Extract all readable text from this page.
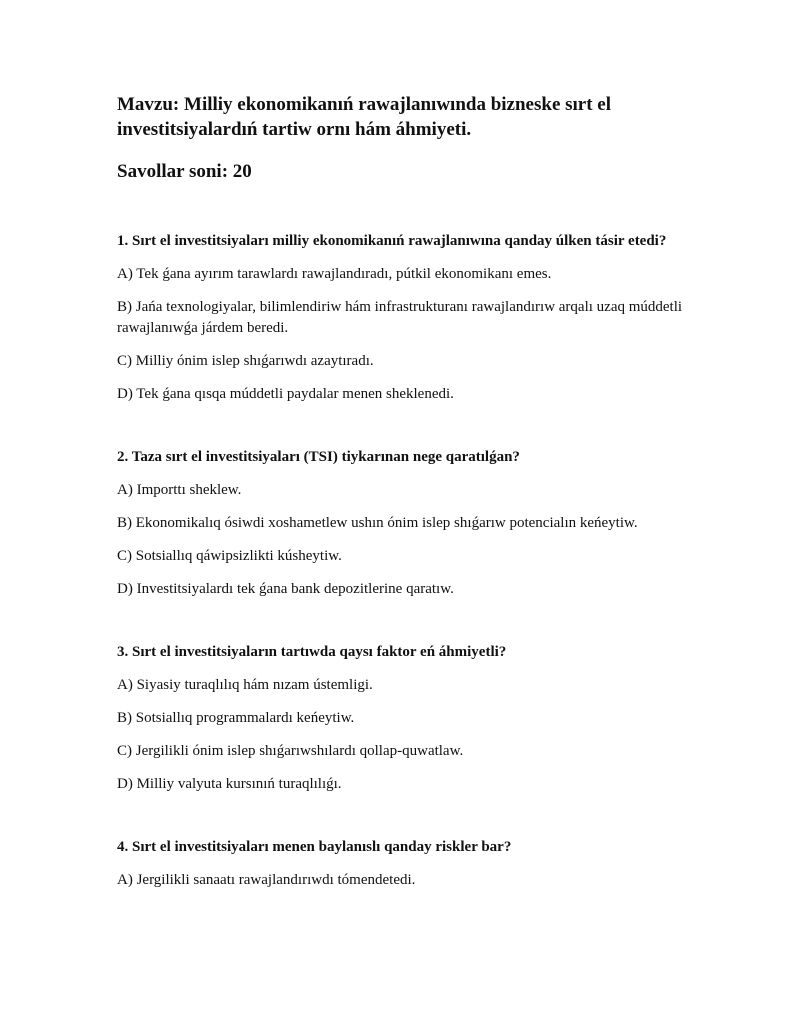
Mavzu: Milliy ekonomikanıń rawajlanıwında bizneske sırt el investitsiyalardıń tartiw ornı hám áhmiyeti.

Savollar soni: 20

1. Sırt el investitsiyaları milliy ekonomikanıń rawajlanıwına qanday úlken tásir etedi?

A) Tek ǵana ayırım tarawlardı rawajlandıradı, pútkil ekonomikanı emes.

B) Jańa texnologiyalar, bilimlendiriw hám infrastrukturanı rawajlandırıw arqalı uzaq múddetli rawajlanıwǵa járdem beredi.

C) Milliy ónim islep shıǵarıwdı azaytıradı.

D) Tek ǵana qısqa múddetli paydalar menen sheklenedi.

2. Taza sırt el investitsiyaları (TSI) tiykarınan nege qaratılǵan?

A) Importtı sheklew.

B) Ekonomikalıq ósiwdi xoshametlew ushın ónim islep shıǵarıw potencialın keńeytiw.

C) Sotsiallıq qáwipsizlikti kúsheytiw.

D) Investitsiyalardı tek ǵana bank depozitlerine qaratıw.

3. Sırt el investitsiyaların tartıwda qaysı faktor eń áhmiyetli?

A) Siyasiy turaqlılıq hám nızam ústemligi.

B) Sotsiallıq programmalardı keńeytiw.

C) Jergilikli ónim islep shıǵarıwshılardı qollap-quwatlaw.

D) Milliy valyuta kursınıń turaqlılıǵı.

4. Sırt el investitsiyaları menen baylanıslı qanday riskler bar?

A) Jergilikli sanaatı rawajlandırıwdı tómendetedi.
